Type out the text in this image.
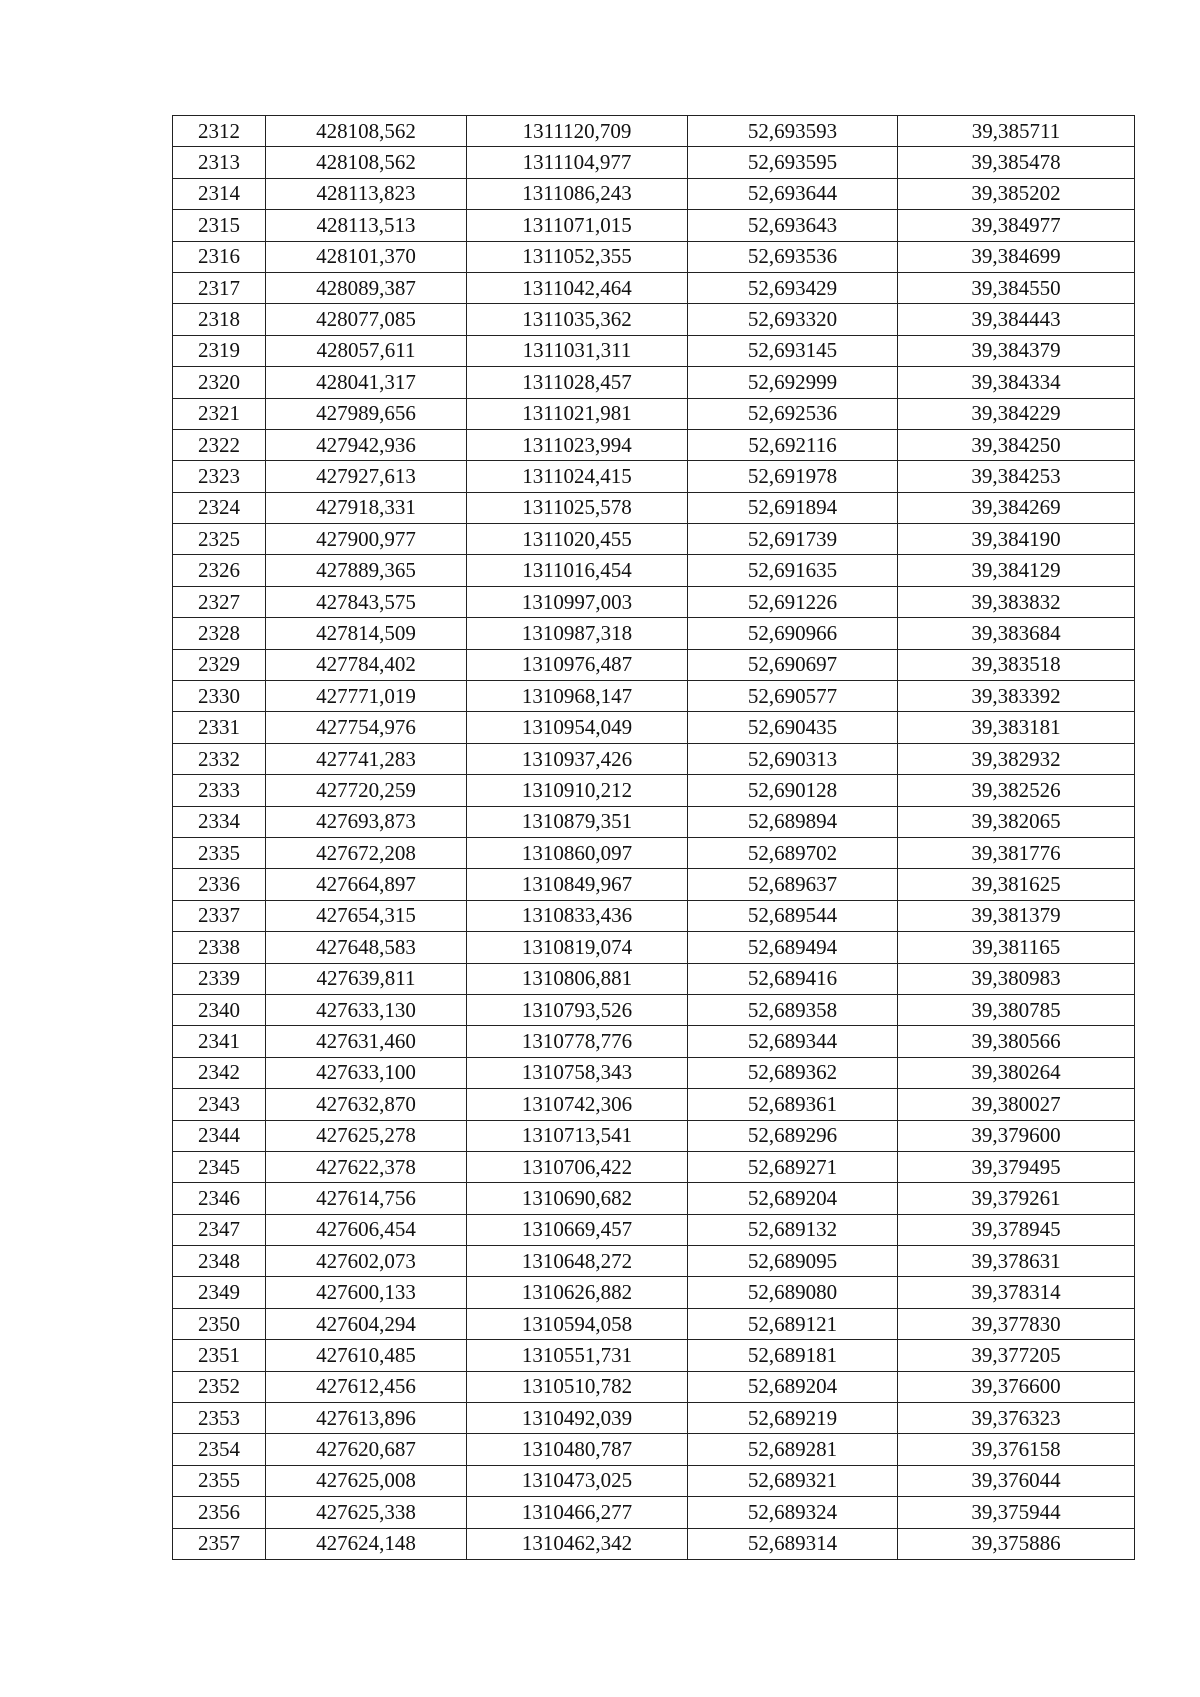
2312	428108,562	1311120,709	52,693593	39,385711
2313	428108,562	1311104,977	52,693595	39,385478
2314	428113,823	1311086,243	52,693644	39,385202
2315	428113,513	1311071,015	52,693643	39,384977
2316	428101,370	1311052,355	52,693536	39,384699
2317	428089,387	1311042,464	52,693429	39,384550
2318	428077,085	1311035,362	52,693320	39,384443
2319	428057,611	1311031,311	52,693145	39,384379
2320	428041,317	1311028,457	52,692999	39,384334
2321	427989,656	1311021,981	52,692536	39,384229
2322	427942,936	1311023,994	52,692116	39,384250
2323	427927,613	1311024,415	52,691978	39,384253
2324	427918,331	1311025,578	52,691894	39,384269
2325	427900,977	1311020,455	52,691739	39,384190
2326	427889,365	1311016,454	52,691635	39,384129
2327	427843,575	1310997,003	52,691226	39,383832
2328	427814,509	1310987,318	52,690966	39,383684
2329	427784,402	1310976,487	52,690697	39,383518
2330	427771,019	1310968,147	52,690577	39,383392
2331	427754,976	1310954,049	52,690435	39,383181
2332	427741,283	1310937,426	52,690313	39,382932
2333	427720,259	1310910,212	52,690128	39,382526
2334	427693,873	1310879,351	52,689894	39,382065
2335	427672,208	1310860,097	52,689702	39,381776
2336	427664,897	1310849,967	52,689637	39,381625
2337	427654,315	1310833,436	52,689544	39,381379
2338	427648,583	1310819,074	52,689494	39,381165
2339	427639,811	1310806,881	52,689416	39,380983
2340	427633,130	1310793,526	52,689358	39,380785
2341	427631,460	1310778,776	52,689344	39,380566
2342	427633,100	1310758,343	52,689362	39,380264
2343	427632,870	1310742,306	52,689361	39,380027
2344	427625,278	1310713,541	52,689296	39,379600
2345	427622,378	1310706,422	52,689271	39,379495
2346	427614,756	1310690,682	52,689204	39,379261
2347	427606,454	1310669,457	52,689132	39,378945
2348	427602,073	1310648,272	52,689095	39,378631
2349	427600,133	1310626,882	52,689080	39,378314
2350	427604,294	1310594,058	52,689121	39,377830
2351	427610,485	1310551,731	52,689181	39,377205
2352	427612,456	1310510,782	52,689204	39,376600
2353	427613,896	1310492,039	52,689219	39,376323
2354	427620,687	1310480,787	52,689281	39,376158
2355	427625,008	1310473,025	52,689321	39,376044
2356	427625,338	1310466,277	52,689324	39,375944
2357	427624,148	1310462,342	52,689314	39,375886
